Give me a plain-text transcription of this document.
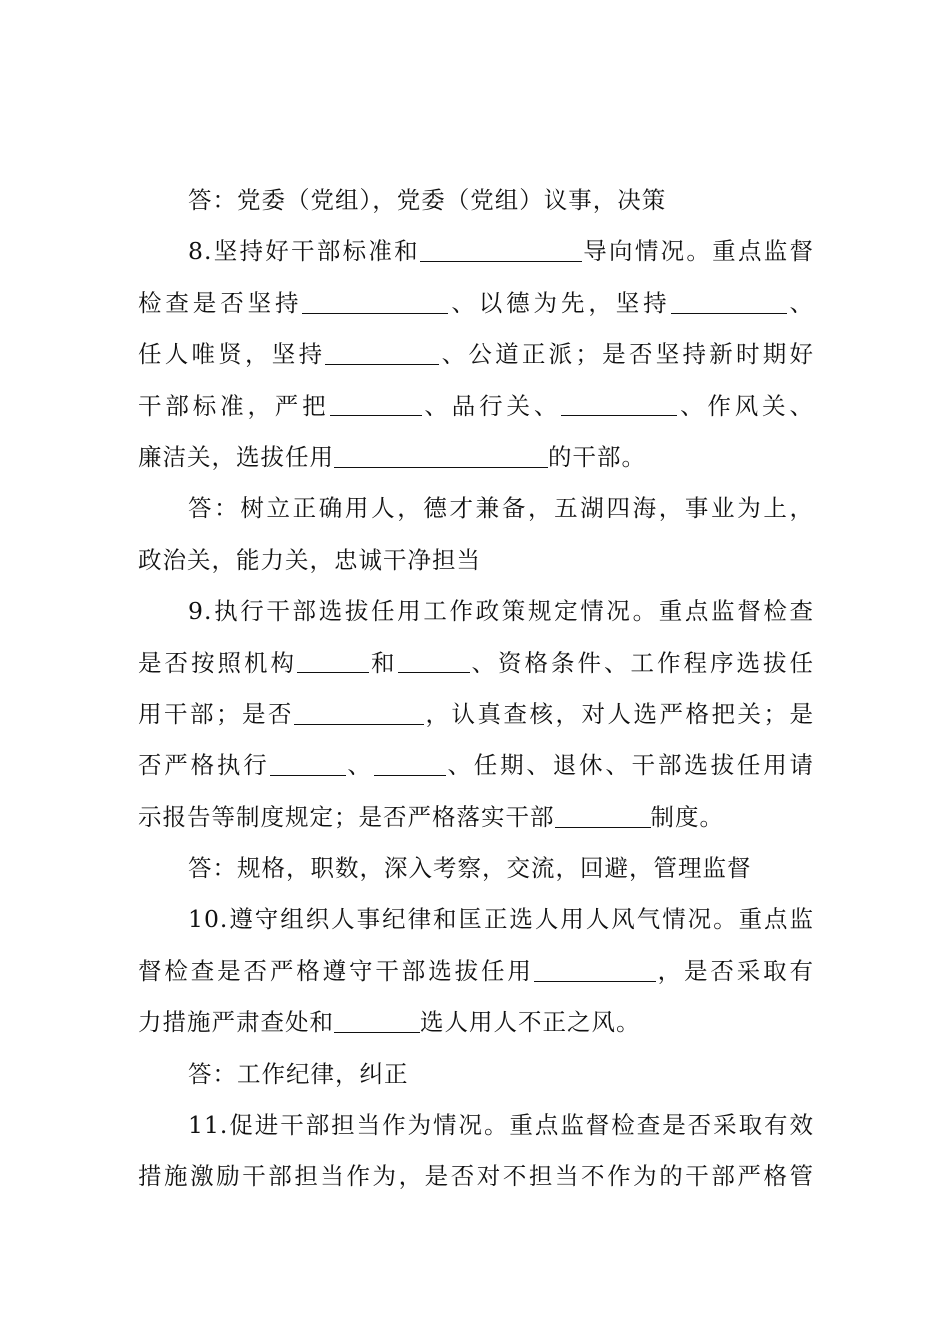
答：党委（党组），党委（党组）议事，决策
8.坚持好干部标准和	导向情况。重点监督
检查是否坚持	、以德为先，坚持	、
任人唯贤，坚持	、公道正派；是否坚持新时期好
干部标准，严把	、品行关、	、作风关、
廉洁关，选拔任用	的干部。
答：树立正确用人，德才兼备，五湖四海，事业为上，
政治关，能力关，忠诚干净担当
9.执行干部选拔任用工作政策规定情况。重点监督检查
是否按照机构	和	、资格条件、工作程序选拔任
用干部；是否	，认真查核，对人选严格把关；是
否严格执行	、	、任期、退休、干部选拔任用请
示报告等制度规定；是否严格落实干部	制度。
答：规格，职数，深入考察，交流，回避，管理监督
10.遵守组织人事纪律和匡正选人用人风气情况。重点监
督检查是否严格遵守干部选拔任用	，是否采取有
力措施严肃查处和	选人用人不正之风。
答：工作纪律，纠正
11.促进干部担当作为情况。重点监督检查是否采取有效
措施激励干部担当作为，是否对不担当不作为的干部严格管
